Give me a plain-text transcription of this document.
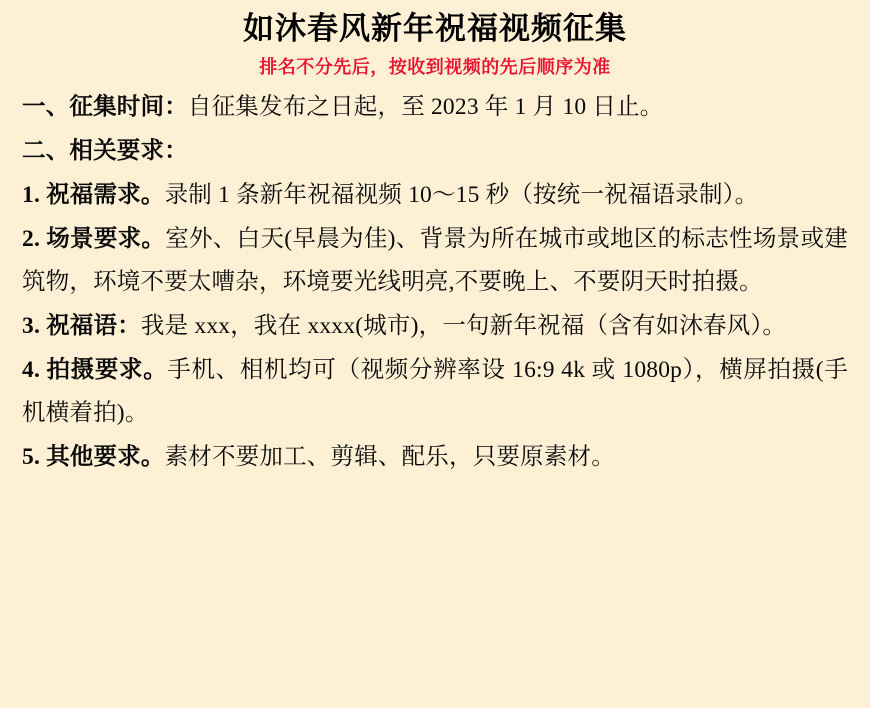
如沐春风新年祝福视频征集
排名不分先后，按收到视频的先后顺序为准

一、征集时间：自征集发布之日起，至 2023 年 1 月 10 日止。

二、相关要求：

1. 祝福需求。录制 1 条新年祝福视频 10～15 秒（按统一祝福语录制）。

2. 场景要求。室外、白天(早晨为佳)、背景为所在城市或地区的标志性场景或建筑物，环境不要太嘈杂，环境要光线明亮,不要晚上、不要阴天时拍摄。

3. 祝福语：我是 xxx，我在 xxxx(城市)，一句新年祝福（含有如沐春风）。

4. 拍摄要求。手机、相机均可（视频分辨率设 16:9 4k 或 1080p），横屏拍摄(手机横着拍)。

5. 其他要求。素材不要加工、剪辑、配乐，只要原素材。
